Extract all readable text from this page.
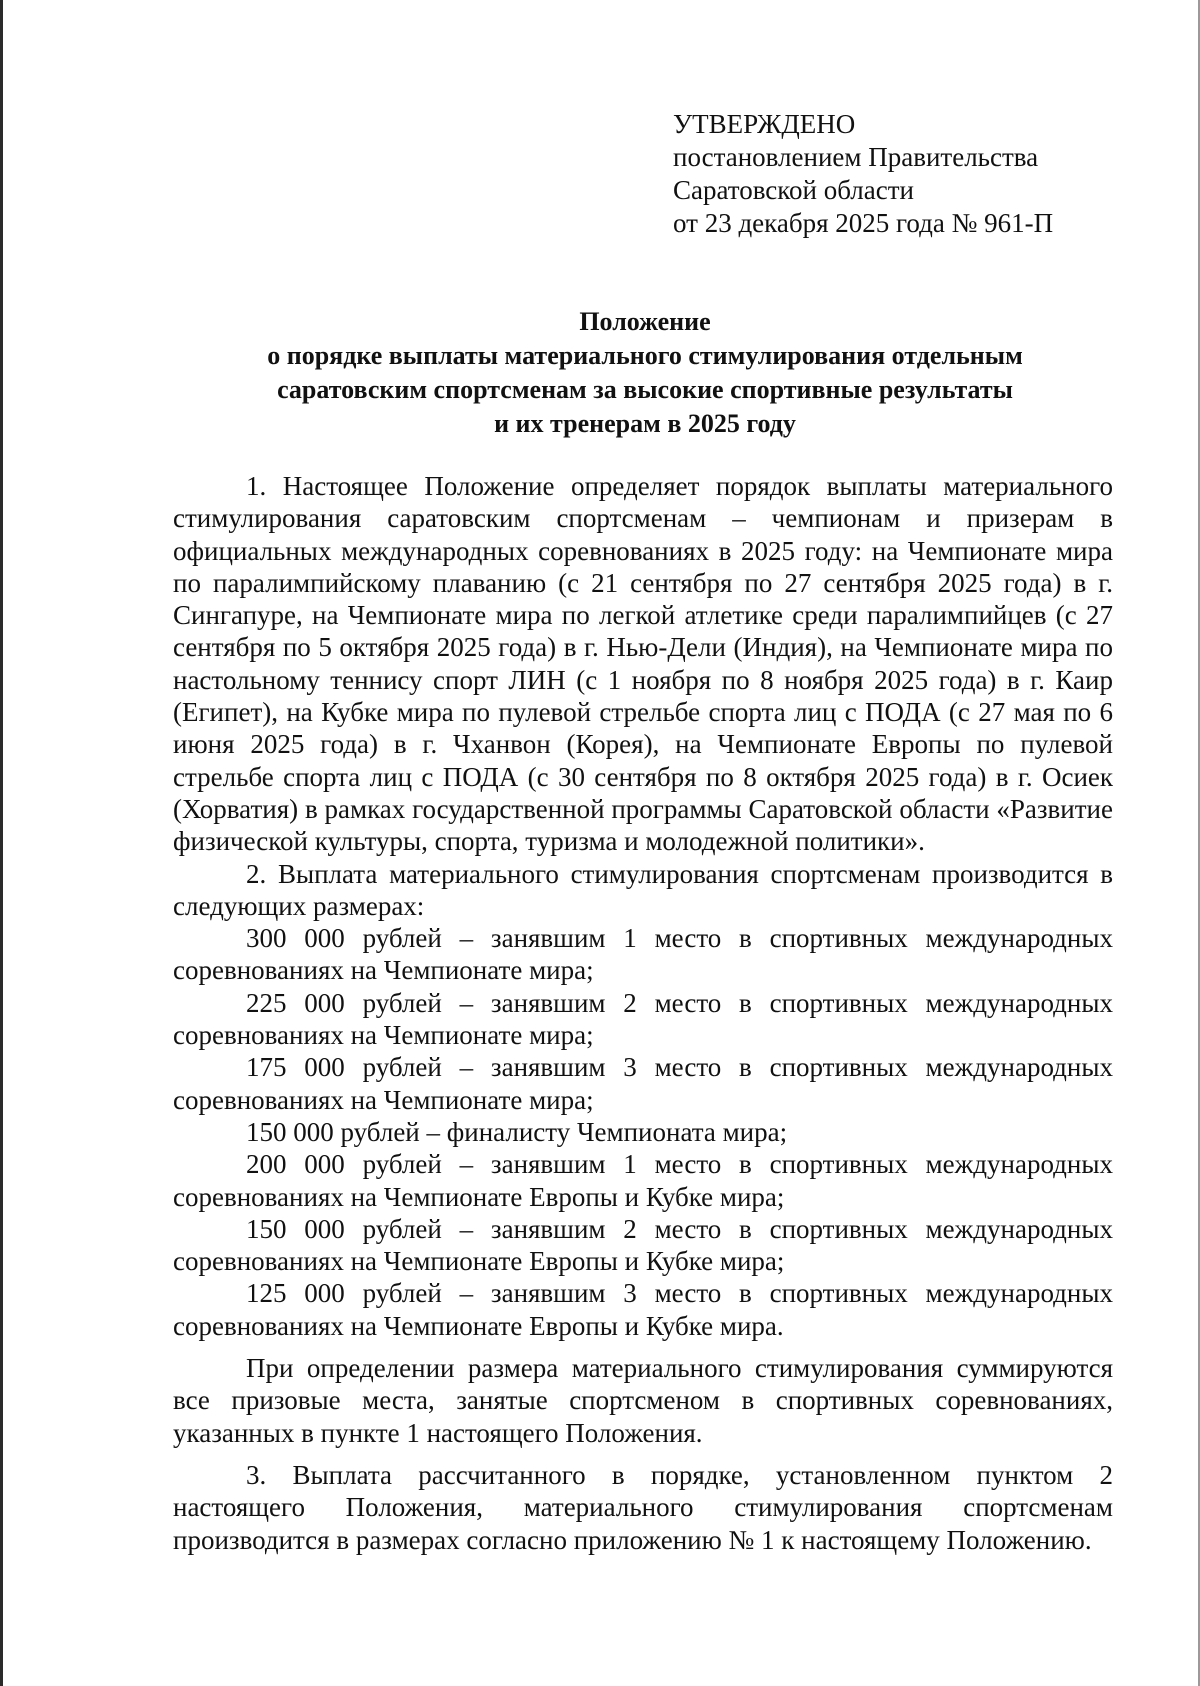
УТВЕРЖДЕНО
постановлением Правительства
Саратовской области
от 23 декабря 2025 года № 961-П
Положение
о порядке выплаты материального стимулирования отдельным
саратовским спортсменам за высокие спортивные результаты
и их тренерам в 2025 году

1. Настоящее Положение определяет порядок выплаты материального стимулирования саратовским спортсменам – чемпионам и призерам в официальных международных соревнованиях в 2025 году: на Чемпионате мира по паралимпийскому плаванию (с 21 сентября по 27 сентября 2025 года) в г. Сингапуре, на Чемпионате мира по легкой атлетике среди паралимпийцев (с 27 сентября по 5 октября 2025 года) в г. Нью-Дели (Индия), на Чемпионате мира по настольному теннису спорт ЛИН (с 1 ноября по 8 ноября 2025 года) в г. Каир (Египет), на Кубке мира по пулевой стрельбе спорта лиц с ПОДА (с 27 мая по 6 июня 2025 года) в г. Чханвон (Корея), на Чемпионате Европы по пулевой стрельбе спорта лиц с ПОДА (с 30 сентября по 8 октября 2025 года) в г. Осиек (Хорватия) в рамках государственной программы Саратовской области «Развитие физической культуры, спорта, туризма и молодежной политики».

2. Выплата материального стимулирования спортсменам производится в следующих размерах:

300 000 рублей – занявшим 1 место в спортивных международных соревнованиях на Чемпионате мира;

225 000 рублей – занявшим 2 место в спортивных международных соревнованиях на Чемпионате мира;

175 000 рублей – занявшим 3 место в спортивных международных соревнованиях на Чемпионате мира;

150 000 рублей – финалисту Чемпионата мира;

200 000 рублей – занявшим 1 место в спортивных международных соревнованиях на Чемпионате Европы и Кубке мира;

150 000 рублей – занявшим 2 место в спортивных международных соревнованиях на Чемпионате Европы и Кубке мира;

125 000 рублей – занявшим 3 место в спортивных международных соревнованиях на Чемпионате Европы и Кубке мира.

При определении размера материального стимулирования суммируются все призовые места, занятые спортсменом в спортивных соревнованиях, указанных в пункте 1 настоящего Положения.

3. Выплата рассчитанного в порядке, установленном пунктом 2 настоящего Положения, материального стимулирования спортсменам производится в размерах согласно приложению № 1 к настоящему Положению.
